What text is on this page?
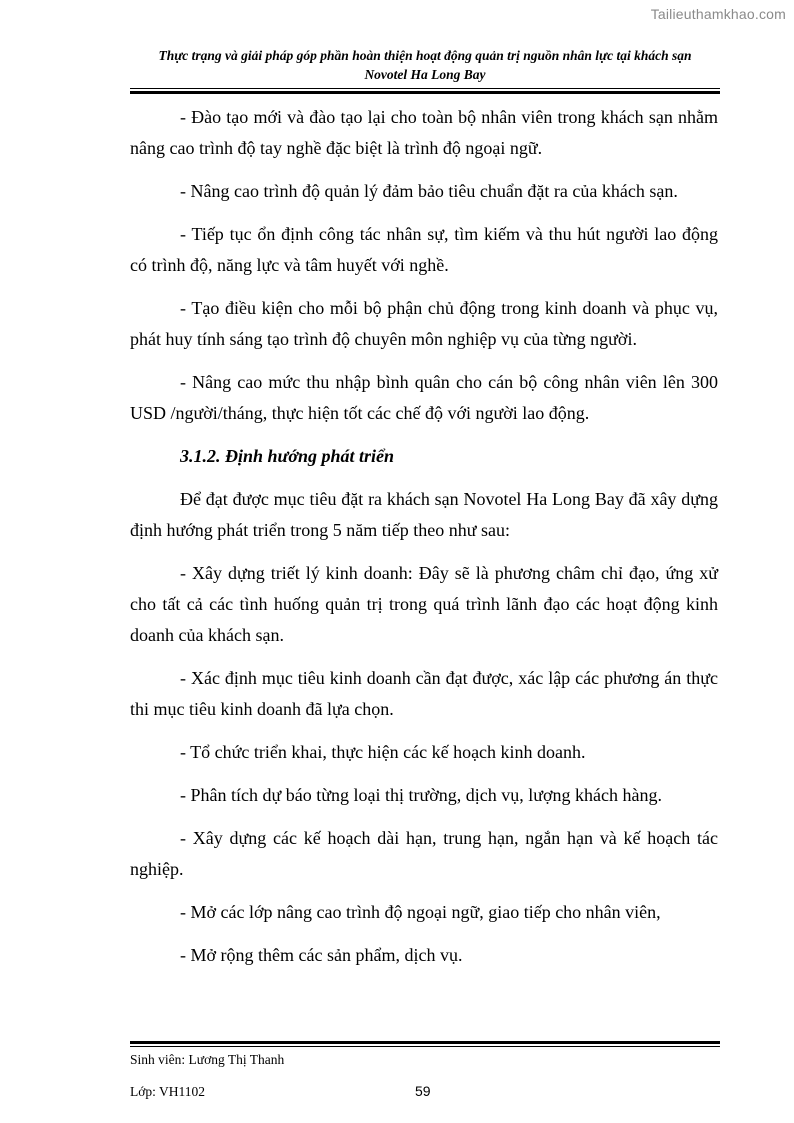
Tailieuthamkhao.com
Thực trạng và giải pháp góp phần hoàn thiện hoạt động quản trị nguồn nhân lực tại khách sạn
Novotel Ha Long Bay

- Đào tạo mới và đào tạo lại cho toàn bộ nhân viên trong khách sạn nhằm nâng cao trình độ tay nghề đặc biệt là trình độ ngoại ngữ.

- Nâng cao trình độ quản lý đảm bảo tiêu chuẩn đặt ra của khách sạn.

- Tiếp tục ổn định công tác nhân sự, tìm kiếm và thu hút người lao động có trình độ, năng lực và tâm huyết với nghề.

- Tạo điều kiện cho mỗi bộ phận chủ động trong kinh doanh và phục vụ, phát huy tính sáng tạo trình độ chuyên môn nghiệp vụ của từng người.

- Nâng cao mức thu nhập bình quân cho cán bộ công nhân viên lên 300 USD /người/tháng, thực hiện tốt các chế độ với người lao động.

3.1.2. Định hướng phát triển

Để đạt được mục tiêu đặt ra khách sạn Novotel Ha Long Bay đã xây dựng định hướng phát triển trong 5 năm tiếp theo như sau:

- Xây dựng triết lý kinh doanh: Đây sẽ là phương châm chỉ đạo, ứng xử cho tất cả các tình huống quản trị trong quá trình lãnh đạo các hoạt động kinh doanh của khách sạn.

- Xác định mục tiêu kinh doanh cần đạt được, xác lập các phương án thực thi mục tiêu kinh doanh đã lựa chọn.

- Tổ chức triển khai, thực hiện các kế hoạch kinh doanh.

- Phân tích dự báo từng loại thị trường, dịch vụ, lượng khách hàng.

- Xây dựng các kế hoạch dài hạn, trung hạn, ngắn hạn và kế hoạch tác nghiệp.

- Mở các lớp nâng cao trình độ ngoại ngữ, giao tiếp cho nhân viên,

- Mở rộng thêm các sản phẩm, dịch vụ.

Sinh viên: Lương Thị Thanh
Lớp: VH1102	59
